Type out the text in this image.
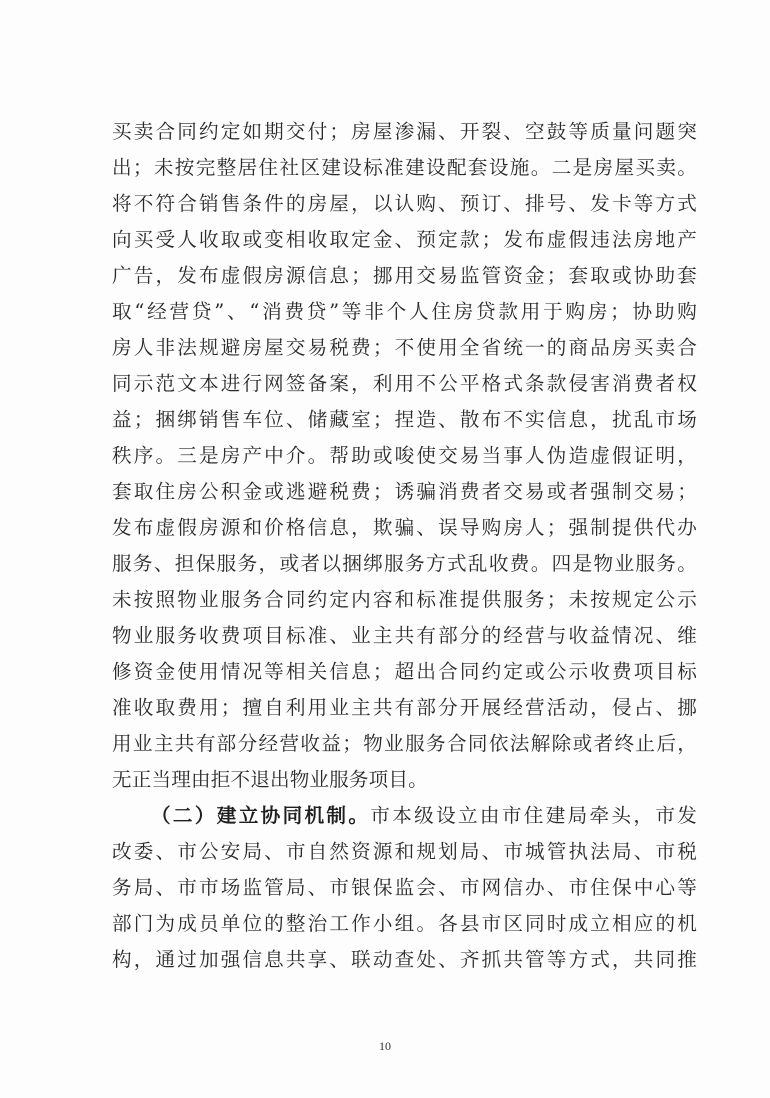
买卖合同约定如期交付；房屋渗漏、开裂、空鼓等质量问题突
出；未按完整居住社区建设标准建设配套设施。二是房屋买卖。
将不符合销售条件的房屋，以认购、预订、排号、发卡等方式
向买受人收取或变相收取定金、预定款；发布虚假违法房地产
广告，发布虚假房源信息；挪用交易监管资金；套取或协助套
取“经营贷”、“消费贷”等非个人住房贷款用于购房；协助购
房人非法规避房屋交易税费；不使用全省统一的商品房买卖合
同示范文本进行网签备案，利用不公平格式条款侵害消费者权
益；捆绑销售车位、储藏室；捏造、散布不实信息，扰乱市场
秩序。三是房产中介。帮助或唆使交易当事人伪造虚假证明，
套取住房公积金或逃避税费；诱骗消费者交易或者强制交易；
发布虚假房源和价格信息，欺骗、误导购房人；强制提供代办
服务、担保服务，或者以捆绑服务方式乱收费。四是物业服务。
未按照物业服务合同约定内容和标准提供服务；未按规定公示
物业服务收费项目标准、业主共有部分的经营与收益情况、维
修资金使用情况等相关信息；超出合同约定或公示收费项目标
准收取费用；擅自利用业主共有部分开展经营活动，侵占、挪
用业主共有部分经营收益；物业服务合同依法解除或者终止后，
无正当理由拒不退出物业服务项目。
（二）建立协同机制。市本级设立由市住建局牵头，市发
改委、市公安局、市自然资源和规划局、市城管执法局、市税
务局、市市场监管局、市银保监会、市网信办、市住保中心等
部门为成员单位的整治工作小组。各县市区同时成立相应的机
构，通过加强信息共享、联动查处、齐抓共管等方式，共同推
10
